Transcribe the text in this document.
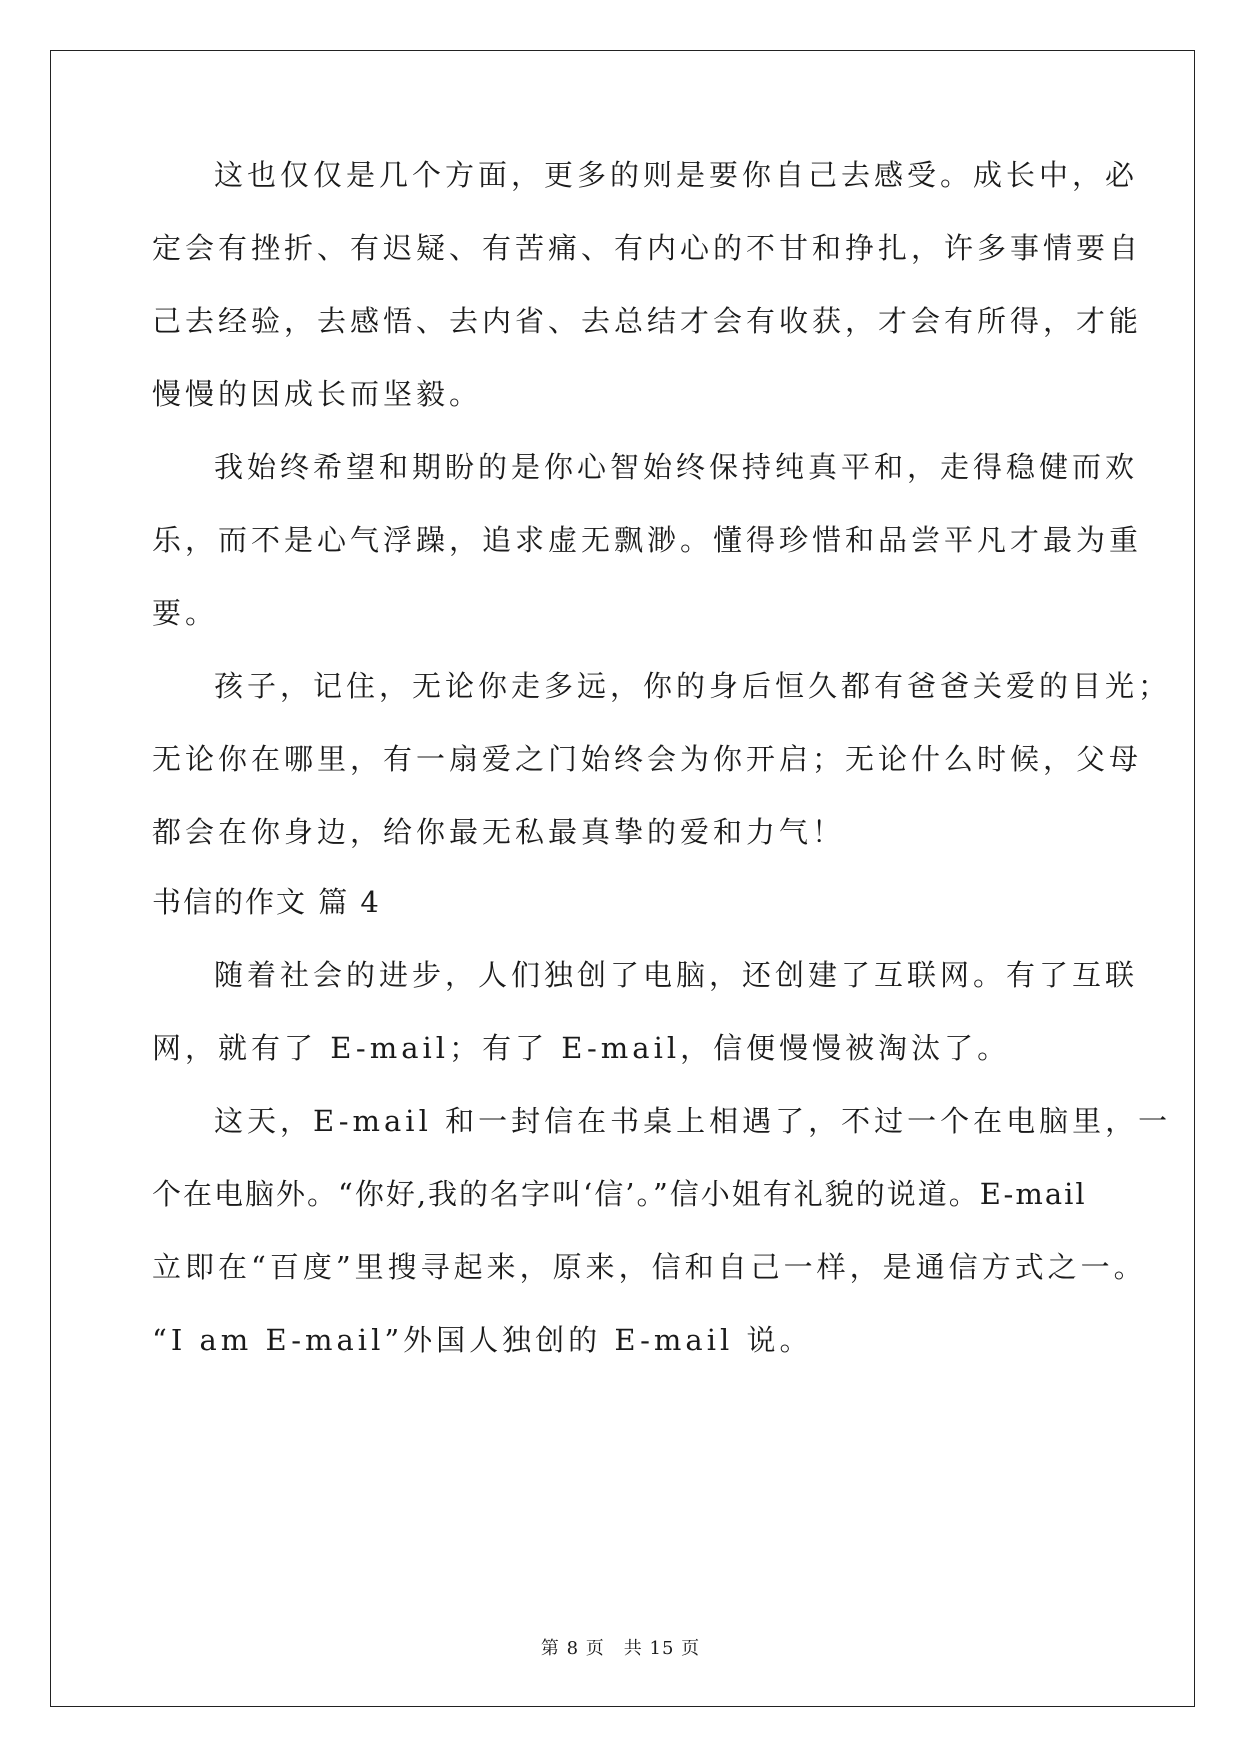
这也仅仅是几个方面，更多的则是要你自己去感受。成长中，必
定会有挫折、有迟疑、有苦痛、有内心的不甘和挣扎，许多事情要自
己去经验，去感悟、去内省、去总结才会有收获，才会有所得，才能
慢慢的因成长而坚毅。
我始终希望和期盼的是你心智始终保持纯真平和，走得稳健而欢
乐，而不是心气浮躁，追求虚无飘渺。懂得珍惜和品尝平凡才最为重
要。
孩子，记住，无论你走多远，你的身后恒久都有爸爸关爱的目光；
无论你在哪里，有一扇爱之门始终会为你开启；无论什么时候，父母
都会在你身边，给你最无私最真挚的爱和力气！
书信的作文 篇 4
随着社会的进步，人们独创了电脑，还创建了互联网。有了互联
网，就有了 E-mail；有了 E-mail，信便慢慢被淘汰了。
这天，E-mail 和一封信在书桌上相遇了，不过一个在电脑里，一
个在电脑外。“你好,我的名字叫‘信’。”信小姐有礼貌的说道。E-mail
立即在“百度”里搜寻起来，原来，信和自己一样，是通信方式之一。
“I am E-mail”外国人独创的 E-mail 说。
第 8 页　共 15 页
